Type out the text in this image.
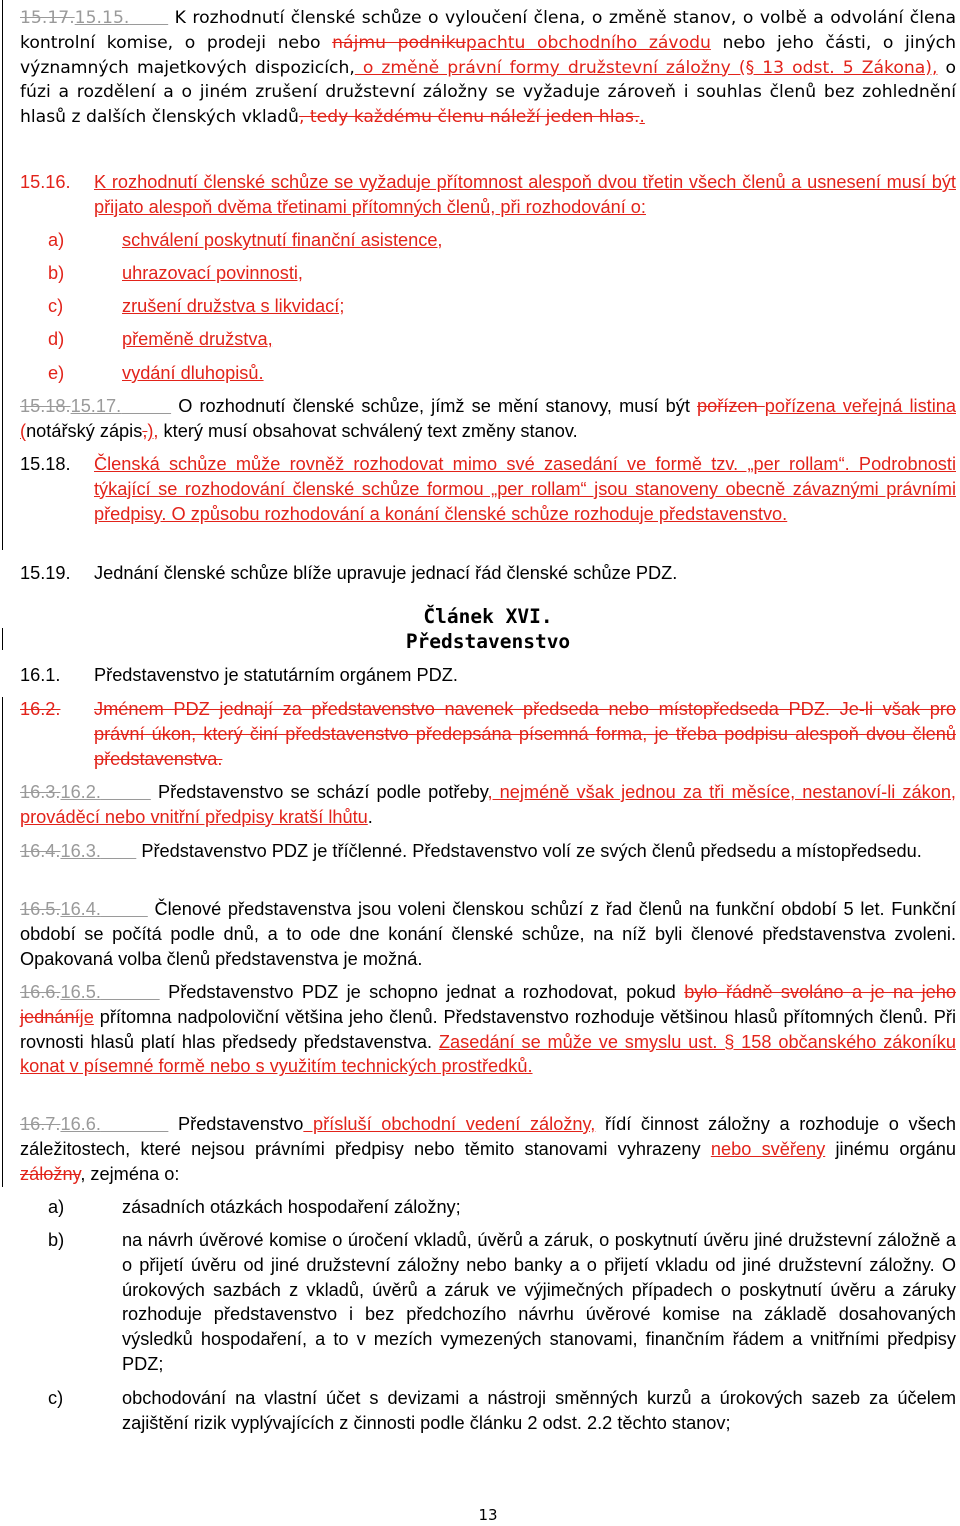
15.17.15.15.	K rozhodnutí členské schůze o vyloučení člena, o změně stanov, o volbě a odvolání člena kontrolní komise, o prodeji nebo nájmu podnikupachtu obchodního závodu nebo jeho části, o jiných významných majetkových dispozicích, o změně právní formy družstevní záložny (§ 13 odst. 5 Zákona), o fúzi a rozdělení a o jiném zrušení družstevní záložny se vyžaduje zároveň i souhlas členů bez zohlednění hlasů z dalších členských vkladů, tedy každému členu náleží jeden hlas..
15.16.	K rozhodnutí členské schůze se vyžaduje přítomnost alespoň dvou třetin všech členů a usnesení musí být přijato alespoň dvěma třetinami přítomných členů, při rozhodování o:
a)	schválení poskytnutí finanční asistence,
b)	uhrazovací povinnosti,
c)	zrušení družstva s likvidací;
d)	přeměně družstva,
e)	vydání dluhopisů.
15.18.15.17.	O rozhodnutí členské schůze, jímž se mění stanovy, musí být pořízen pořízena veřejná listina (notářský zápis,), který musí obsahovat schválený text změny stanov.
15.18.	Členská schůze může rovněž rozhodovat mimo své zasedání ve formě tzv. „per rollam“. Podrobnosti týkající se rozhodování členské schůze formou „per rollam“ jsou stanoveny obecně závaznými právními předpisy. O způsobu rozhodování a konání členské schůze rozhoduje představenstvo.
15.19.	Jednání členské schůze blíže upravuje jednací řád členské schůze PDZ.
Článek XVI.
Představenstvo
16.1.	Představenstvo je statutárním orgánem PDZ.
16.2.	Jménem PDZ jednají za představenstvo navenek předseda nebo místopředseda PDZ. Je-li však pro právní úkon, který činí představenstvo předepsána písemná forma, je třeba podpisu alespoň dvou členů představenstva.
16.3.16.2.	Představenstvo se schází podle potřeby, nejméně však jednou za tři měsíce, nestanoví-li zákon, prováděcí nebo vnitřní předpisy kratší lhůtu.
16.4.16.3. Představenstvo PDZ je tříčlenné. Představenstvo volí ze svých členů předsedu a místopředsedu.
16.5.16.4.	Členové představenstva jsou voleni členskou schůzí z řad členů na funkční období 5 let. Funkční období se počítá podle dnů, a to ode dne konání členské schůze, na níž byli členové představenstva zvoleni. Opakovaná volba členů představenstva je možná.
16.6.16.5.	Představenstvo PDZ je schopno jednat a rozhodovat, pokud bylo řádně svoláno a je na jeho jednáníje přítomna nadpoloviční většina jeho členů. Představenstvo rozhoduje většinou hlasů přítomných členů. Při rovnosti hlasů platí hlas předsedy představenstva. Zasedání se může ve smyslu ust. § 158 občanského zákoníku konat v písemné formě nebo s využitím technických prostředků.
16.7.16.6.	Představenstvo přísluší obchodní vedení záložny, řídí činnost záložny a rozhoduje o všech záležitostech, které nejsou právními předpisy nebo těmito stanovami vyhrazeny nebo svěřeny jinému orgánu záložny, zejména o:
a)	zásadních otázkách hospodaření záložny;
b)	na návrh úvěrové komise o úročení vkladů, úvěrů a záruk, o poskytnutí úvěru jiné družstevní záložně a o přijetí úvěru od jiné družstevní záložny nebo banky a o přijetí vkladu od jiné družstevní záložny. O úrokových sazbách z vkladů, úvěrů a záruk ve výjimečných případech o poskytnutí úvěru a záruky rozhoduje představenstvo i bez předchozího návrhu úvěrové komise na základě dosahovaných výsledků hospodaření, a to v mezích vymezených stanovami, finančním řádem a vnitřními předpisy PDZ;
c)	obchodování na vlastní účet s devizami a nástroji směnných kurzů a úrokových sazeb za účelem zajištění rizik vyplývajících z činnosti podle článku 2 odst. 2.2 těchto stanov;
13
